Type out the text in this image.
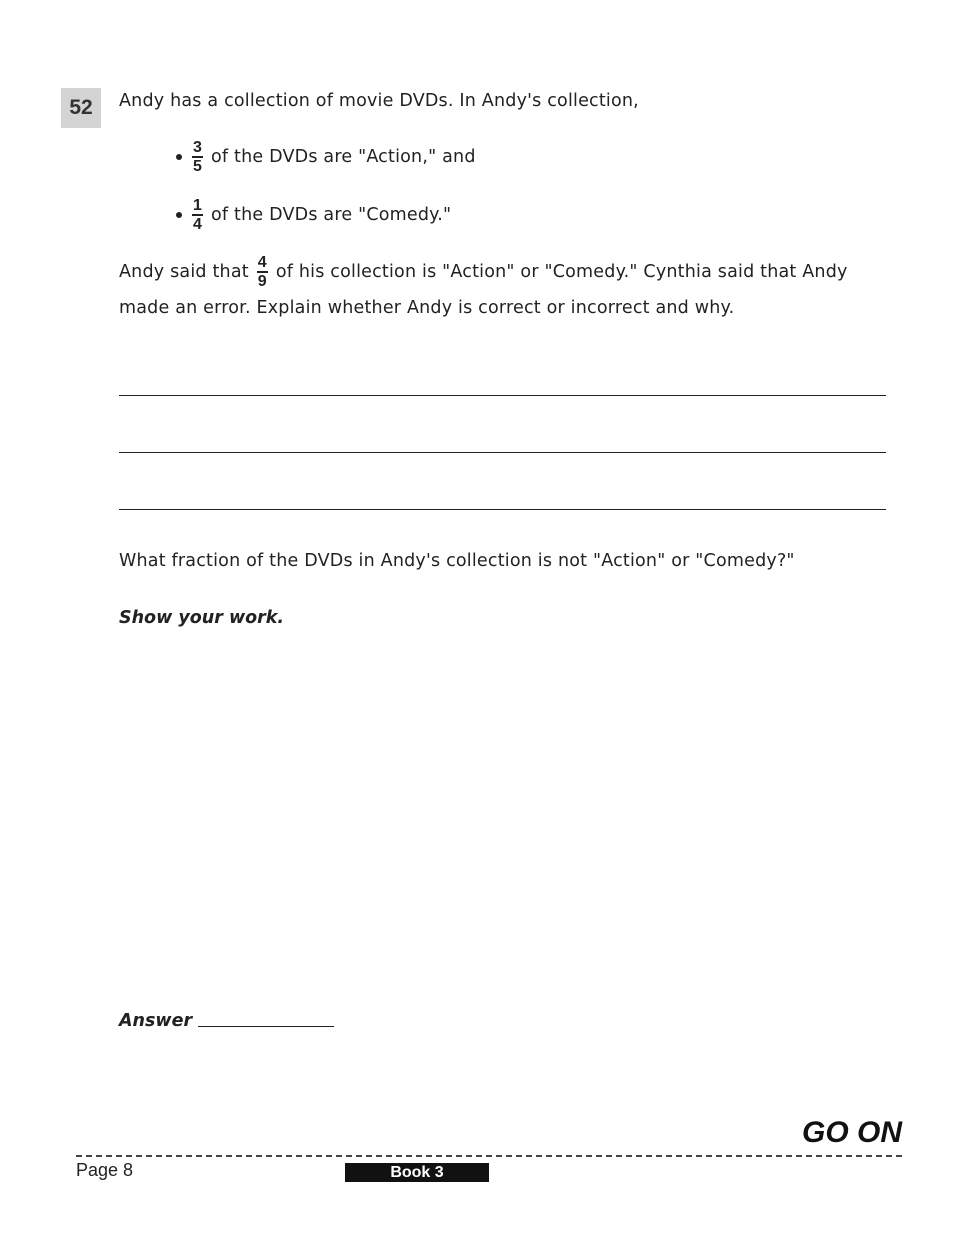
52	Andy has a collection of movie DVDs. In Andy's collection,
$\frac{3}{5}$ of the DVDs are "Action," and
$\frac{1}{4}$ of the DVDs are "Comedy."
Andy said that $\frac{4}{9}$ of his collection is "Action" or "Comedy." Cynthia said that Andy
made an error. Explain whether Andy is correct or incorrect and why.
What fraction of the DVDs in Andy's collection is not "Action" or "Comedy?"
Show your work.
Answer
GO ON
Page 8	Book 3
